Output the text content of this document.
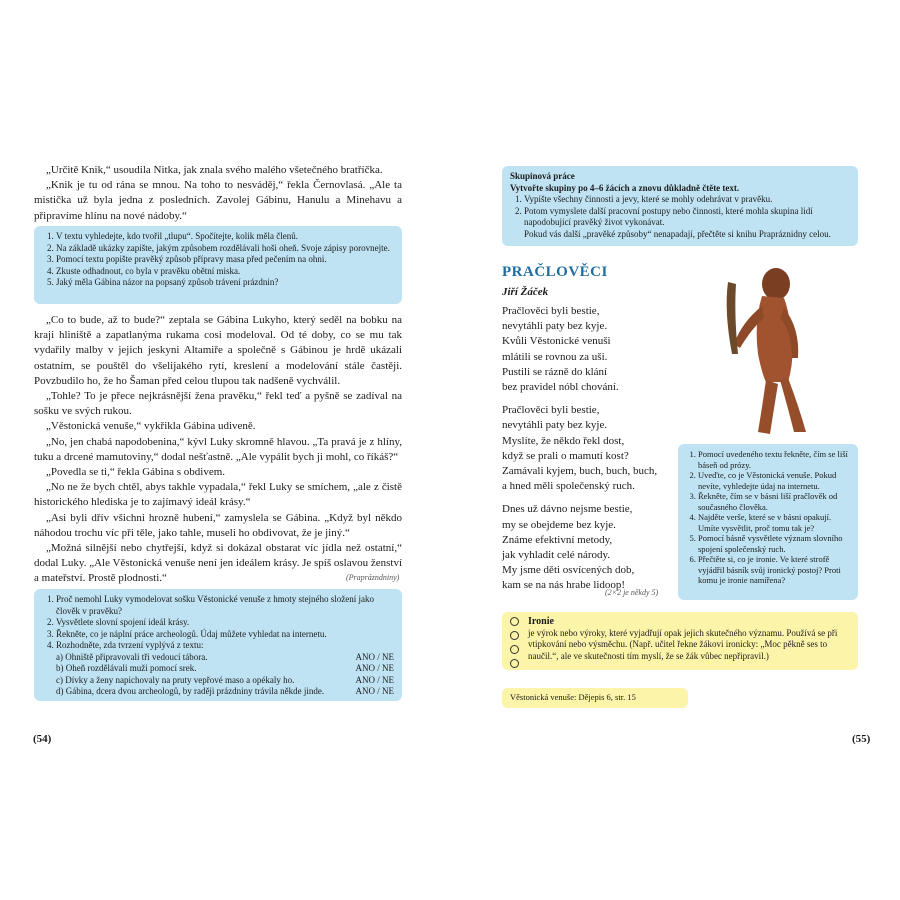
„Určitě Knik,“ usoudila Nitka, jak znala svého malého všetečného bratříčka.

„Knik je tu od rána se mnou. Na toho to nesváděj,“ řekla Černovlasá. „Ale ta mistička už byla jedna z posledních. Zavolej Gábinu, Hanulu a Minehavu a připravíme hlínu na nové nádoby.“

1. V textu vyhledejte, kdo tvořil „tlupu“. Spočítejte, kolik měla členů.
2. Na základě ukázky zapište, jakým způsobem rozdělávali hoši oheň. Svoje zápisy porovnejte.
3. Pomocí textu popište pravěký způsob přípravy masa před pečením na ohni.
4. Zkuste odhadnout, co byla v pravěku obětní miska.
5. Jaký měla Gábina názor na popsaný způsob trávení prázdnin?

„Co to bude, až to bude?“ zeptala se Gábina Lukyho, který seděl na bobku na kraji hliniště a zapatlanýma rukama cosi modeloval. Od té doby, co se mu tak vydařily malby v jejich jeskyni Altamiře a společně s Gábinou je hrdě ukázali ostatním, se pouštěl do všelijakého rytí, kreslení a modelování stále častěji. Povzbudilo ho, že ho Šaman před celou tlupou tak nadšeně vychválil.

„Tohle? To je přece nejkrásnější žena pravěku,“ řekl teď a pyšně se zadíval na sošku ve svých rukou.

„Věstonická venuše,“ vykřikla Gábina udiveně.

„No, jen chabá napodobenina,“ kývl Luky skromně hlavou. „Ta pravá je z hlíny, tuku a drcené mamutoviny,“ dodal nešťastně. „Ale vypálit bych ji mohl, co říkáš?“

„Povedla se ti,“ řekla Gábina s obdivem.

„No ne že bych chtěl, abys takhle vypadala,“ řekl Luky se smíchem, „ale z čistě historického hlediska je to zajímavý ideál krásy.“

„Asi byli dřív všichni hrozně hubení,“ zamyslela se Gábina. „Když byl někdo náhodou trochu víc při těle, jako tahle, museli ho obdivovat, že je jiný.“

„Možná silnější nebo chytřejší, když si dokázal obstarat víc jídla než ostatní,“ dodal Luky. „Ale Věstonická venuše není jen ideálem krásy. Je spíš oslavou ženství a mateřství. Prostě plodnosti.“	(Praprázndniny)
1. Proč nemohl Luky vymodelovat sošku Věstonické venuše z hmoty stejného složení jako člověk v pravěku?
2. Vysvětlete slovní spojení ideál krásy.
3. Řekněte, co je náplní práce archeologů. Údaj můžete vyhledat na internetu.
4. Rozhodněte, zda tvrzení vyplývá z textu:
a) Ohniště připravovali tři vedoucí tábora.	ANO / NE
b) Oheň rozdělávali muži pomocí srek.	ANO / NE
c) Dívky a ženy napichovaly na pruty vepřové maso a opékaly ho.	ANO / NE
d) Gábina, dcera dvou archeologů, by raději prázdniny trávila někde jinde.	ANO / NE
(54)
Skupinová práce
Vytvořte skupiny po 4–6 žácích a znovu důkladně čtěte text.
1. Vypište všechny činnosti a jevy, které se mohly odehrávat v pravěku.
2. Potom vymyslete další pracovní postupy nebo činnosti, které mohla skupina lidí napodobující pravěký život vykonávat.
Pokud vás další „pravěké způsoby“ nenapadají, přečtěte si knihu Prapráznidny celou.
PRAČLOVĚCI
Jiří Žáček
Pračlověci byli bestie,
nevytáhli paty bez kyje.
Kvůli Věstonické venuši
mlátili se rovnou za uši.
Pustili se rázně do klání
bez pravidel nóbl chování.
Pračlověci byli bestie,
nevytáhli paty bez kyje.
Myslíte, že někdo řekl dost,
když se prali o mamutí kost?
Zamávali kyjem, buch, buch, buch,
a hned měli společenský ruch.
Dnes už dávno nejsme bestie,
my se obejdeme bez kyje.
Známe efektivní metody,
jak vyhladit celé národy.
My jsme děti osvícených dob,
kam se na nás hrabe lidoop!
(2×2 je někdy 5)
1. Pomocí uvedeného textu řekněte, čím se liší báseň od prózy.
2. Uveďte, co je Věstonická venuše. Pokud nevíte, vyhledejte údaj na internetu.
3. Řekněte, čím se v básni liší pračlověk od současného člověka.
4. Najděte verše, které se v básni opakují. Umíte vysvětlit, proč tomu tak je?
5. Pomocí básně vysvětlete význam slovního spojení společenský ruch.
6. Přečtěte si, co je ironie. Ve které strofě vyjádřil básník svůj ironický postoj? Proti komu je ironie namířena?
Ironie
je výrok nebo výroky, které vyjadřují opak jejich skutečného významu. Používá se při vtipkování nebo výsměchu. (Např. učitel řekne žákovi ironicky: „Moc pěkně ses to naučil.“, ale ve skutečnosti tím myslí, že se žák vůbec nepřipravil.)
Věstonická venuše: Dějepis 6, str. 15
(55)
